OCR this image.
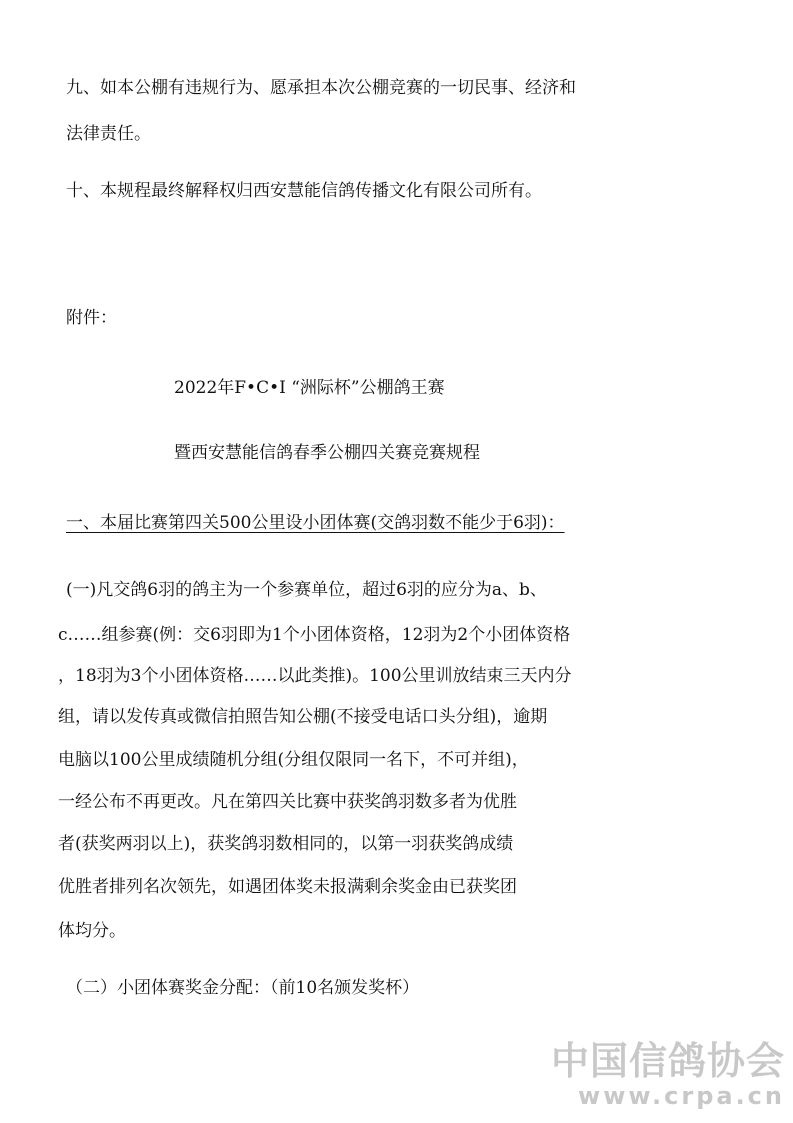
九、如本公棚有违规行为、愿承担本次公棚竞赛的一切民事、经济和
法律责任。
十、本规程最终解释权归西安慧能信鸽传播文化有限公司所有。
附件：
2022年F•C•I “洲际杯”公棚鸽王赛
暨西安慧能信鸽春季公棚四关赛竞赛规程
一、本届比赛第四关500公里设小团体赛(交鸽羽数不能少于6羽)：
(一)凡交鸽6羽的鸽主为一个参赛单位，超过6羽的应分为a、b、
c……组参赛(例：交6羽即为1个小团体资格，12羽为2个小团体资格
，18羽为3个小团体资格……以此类推)。100公里训放结束三天内分
组，请以发传真或微信拍照告知公棚(不接受电话口头分组)，逾期
电脑以100公里成绩随机分组(分组仅限同一名下，不可并组)，
一经公布不再更改。凡在第四关比赛中获奖鸽羽数多者为优胜
者(获奖两羽以上)，获奖鸽羽数相同的，以第一羽获奖鸽成绩
优胜者排列名次领先，如遇团体奖未报满剩余奖金由已获奖团
体均分。
（二）小团体赛奖金分配：（前10名颁发奖杯）
中国信鸽协会
www.crpa.cn
